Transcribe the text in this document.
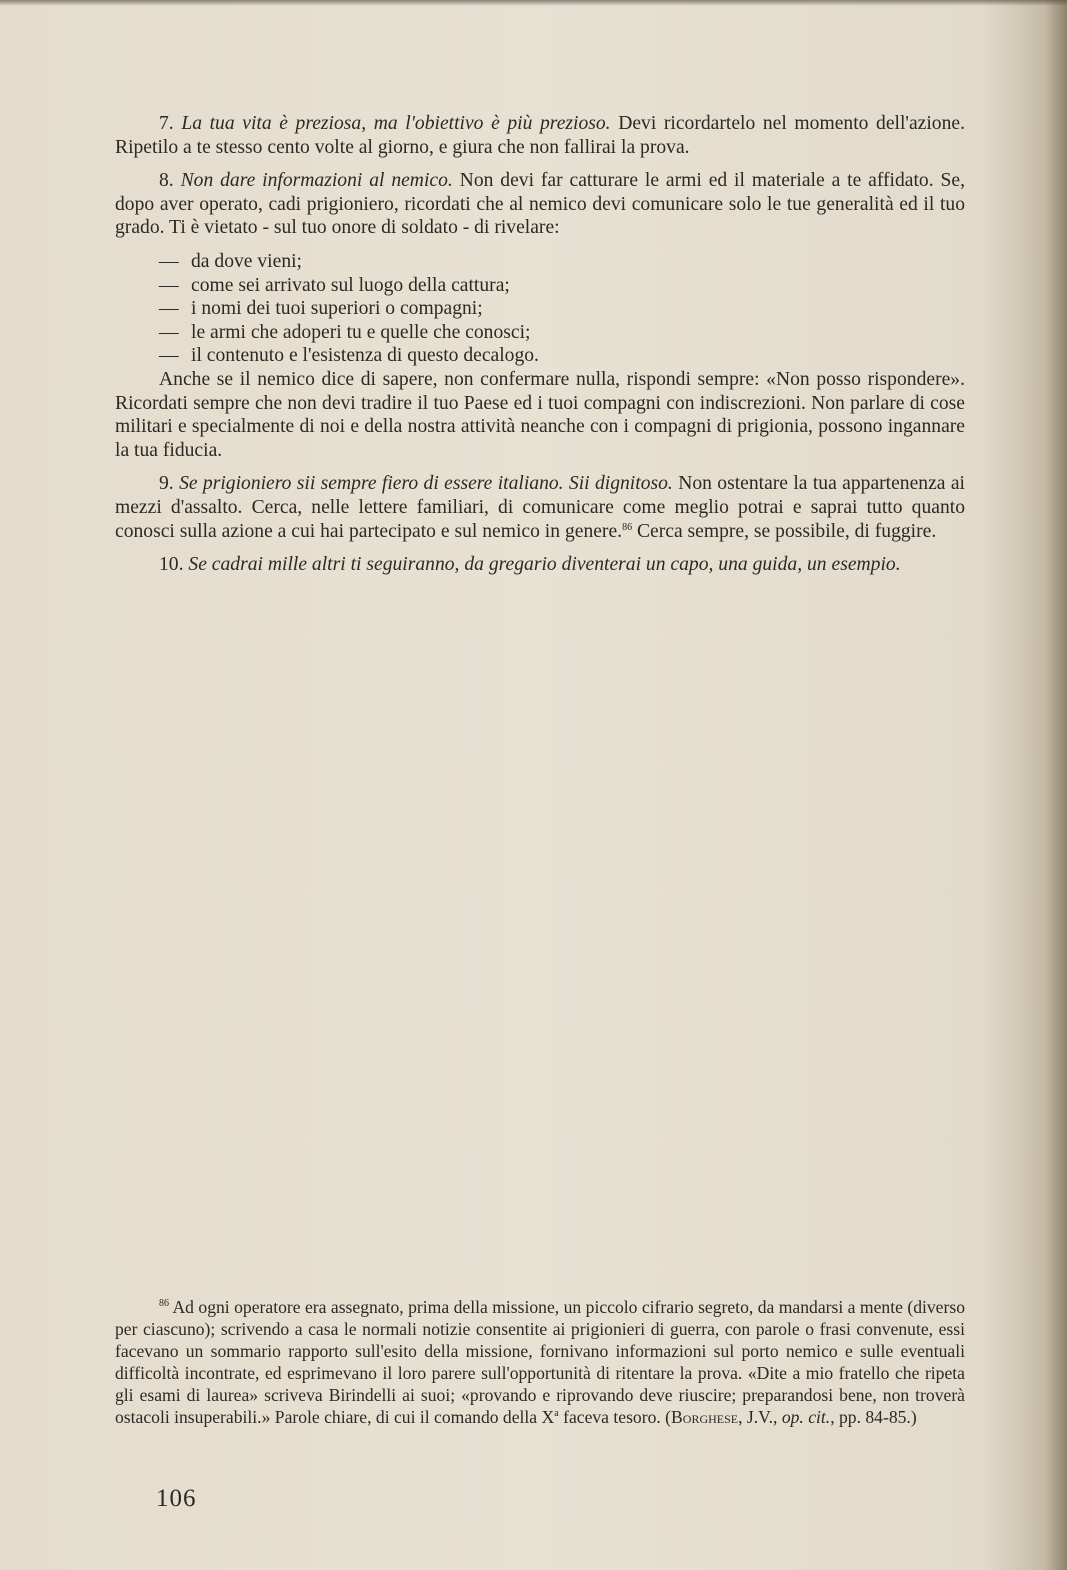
7. La tua vita è preziosa, ma l'obiettivo è più prezioso. Devi ricordartelo nel momento dell'azione. Ripetilo a te stesso cento volte al giorno, e giura che non fallirai la prova.

8. Non dare informazioni al nemico. Non devi far catturare le armi ed il materiale a te affidato. Se, dopo aver operato, cadi prigioniero, ricordati che al nemico devi comunicare solo le tue generalità ed il tuo grado. Ti è vietato - sul tuo onore di soldato - di rivelare:

— da dove vieni;

— come sei arrivato sul luogo della cattura;

— i nomi dei tuoi superiori o compagni;

— le armi che adoperi tu e quelle che conosci;

— il contenuto e l'esistenza di questo decalogo.

Anche se il nemico dice di sapere, non confermare nulla, rispondi sempre: «Non posso rispondere». Ricordati sempre che non devi tradire il tuo Paese ed i tuoi compagni con indiscrezioni. Non parlare di cose militari e specialmente di noi e della nostra attività neanche con i compagni di prigionia, possono ingannare la tua fiducia.

9. Se prigioniero sii sempre fiero di essere italiano. Sii dignitoso. Non ostentare la tua appartenenza ai mezzi d'assalto. Cerca, nelle lettere familiari, di comunicare come meglio potrai e saprai tutto quanto conosci sulla azione a cui hai partecipato e sul nemico in genere.$^{86}$ Cerca sempre, se possibile, di fuggire.

10. Se cadrai mille altri ti seguiranno, da gregario diventerai un capo, una guida, un esempio.

$^{86}$ Ad ogni operatore era assegnato, prima della missione, un piccolo cifrario segreto, da mandarsi a mente (diverso per ciascuno); scrivendo a casa le normali notizie consentite ai prigionieri di guerra, con parole o frasi convenute, essi facevano un sommario rapporto sull'esito della missione, fornivano informazioni sul porto nemico e sulle eventuali difficoltà incontrate, ed esprimevano il loro parere sull'opportunità di ritentare la prova. «Dite a mio fratello che ripeta gli esami di laurea» scriveva Birindelli ai suoi; «provando e riprovando deve riuscire; preparandosi bene, non troverà ostacoli insuperabili.» Parole chiare, di cui il comando della $X^a$ faceva tesoro. (Borghese, J.V., op. cit., pp. 84-85.)

106
